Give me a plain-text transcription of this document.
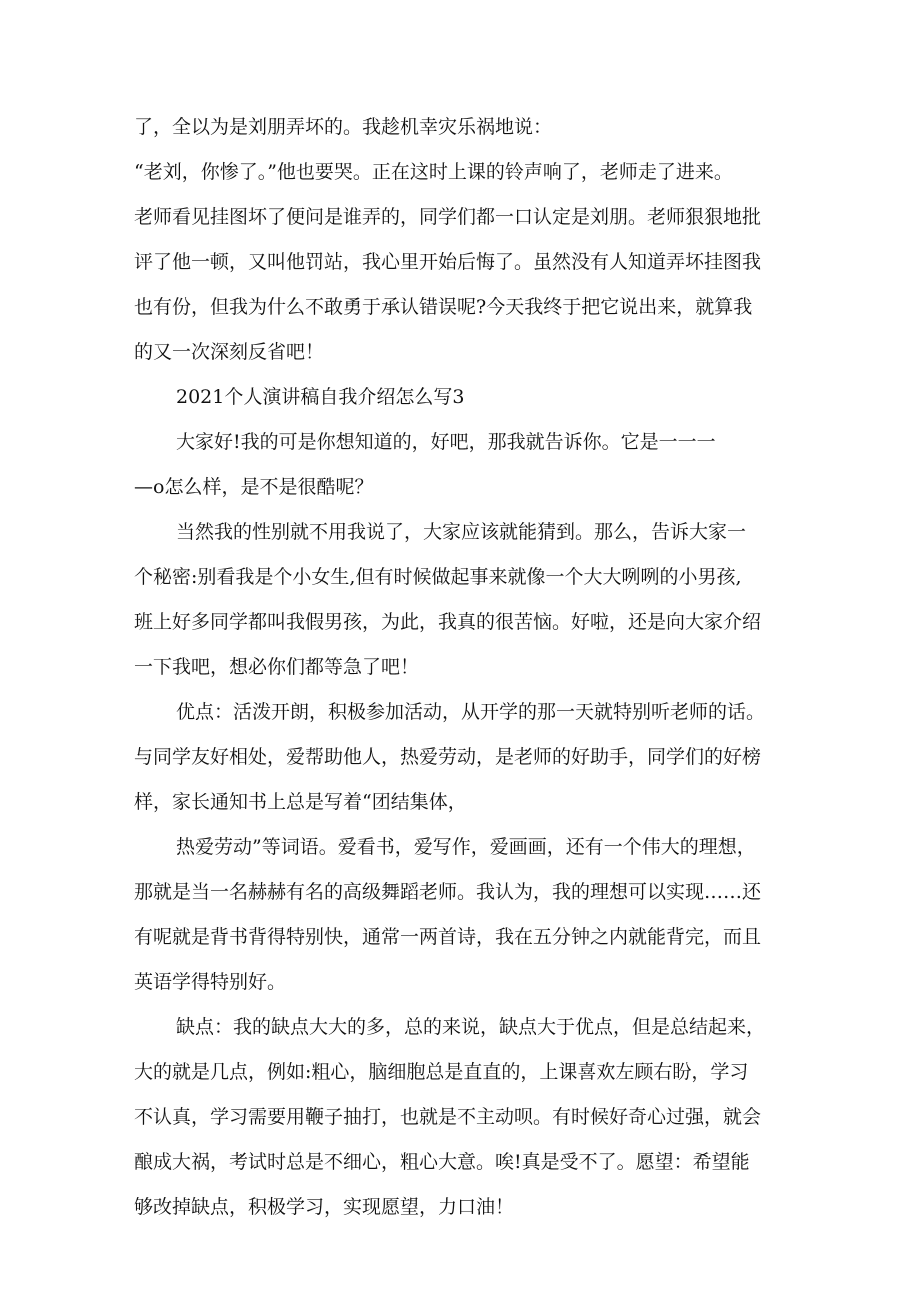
了，全以为是刘朋弄坏的。我趁机幸灾乐祸地说：
“老刘，你惨了。”他也要哭。正在这时上课的铃声响了，老师走了进来。
老师看见挂图坏了便问是谁弄的，同学们都一口认定是刘朋。老师狠狠地批
评了他一顿，又叫他罚站，我心里开始后悔了。虽然没有人知道弄坏挂图我
也有份，但我为什么不敢勇于承认错误呢?今天我终于把它说出来，就算我
的又一次深刻反省吧！
2021个人演讲稿自我介绍怎么写3
大家好!我的可是你想知道的，好吧，那我就告诉你。它是一一一
—o怎么样，是不是很酷呢？
当然我的性别就不用我说了，大家应该就能猜到。那么，告诉大家一
个秘密:别看我是个小女生,但有时候做起事来就像一个大大咧咧的小男孩,
班上好多同学都叫我假男孩，为此，我真的很苦恼。好啦，还是向大家介绍
一下我吧，想必你们都等急了吧！
优点：活泼开朗，积极参加活动，从开学的那一天就特别听老师的话。
与同学友好相处，爱帮助他人，热爱劳动，是老师的好助手，同学们的好榜
样，家长通知书上总是写着“团结集体，
热爱劳动”等词语。爱看书，爱写作，爱画画，还有一个伟大的理想，
那就是当一名赫赫有名的高级舞蹈老师。我认为，我的理想可以实现……还
有呢就是背书背得特别快，通常一两首诗，我在五分钟之内就能背完，而且
英语学得特别好。
缺点：我的缺点大大的多，总的来说，缺点大于优点，但是总结起来，
大的就是几点，例如:粗心，脑细胞总是直直的，上课喜欢左顾右盼，学习
不认真，学习需要用鞭子抽打，也就是不主动呗。有时候好奇心过强，就会
酿成大祸，考试时总是不细心，粗心大意。唉!真是受不了。愿望：希望能
够改掉缺点，积极学习，实现愿望，力口油！
